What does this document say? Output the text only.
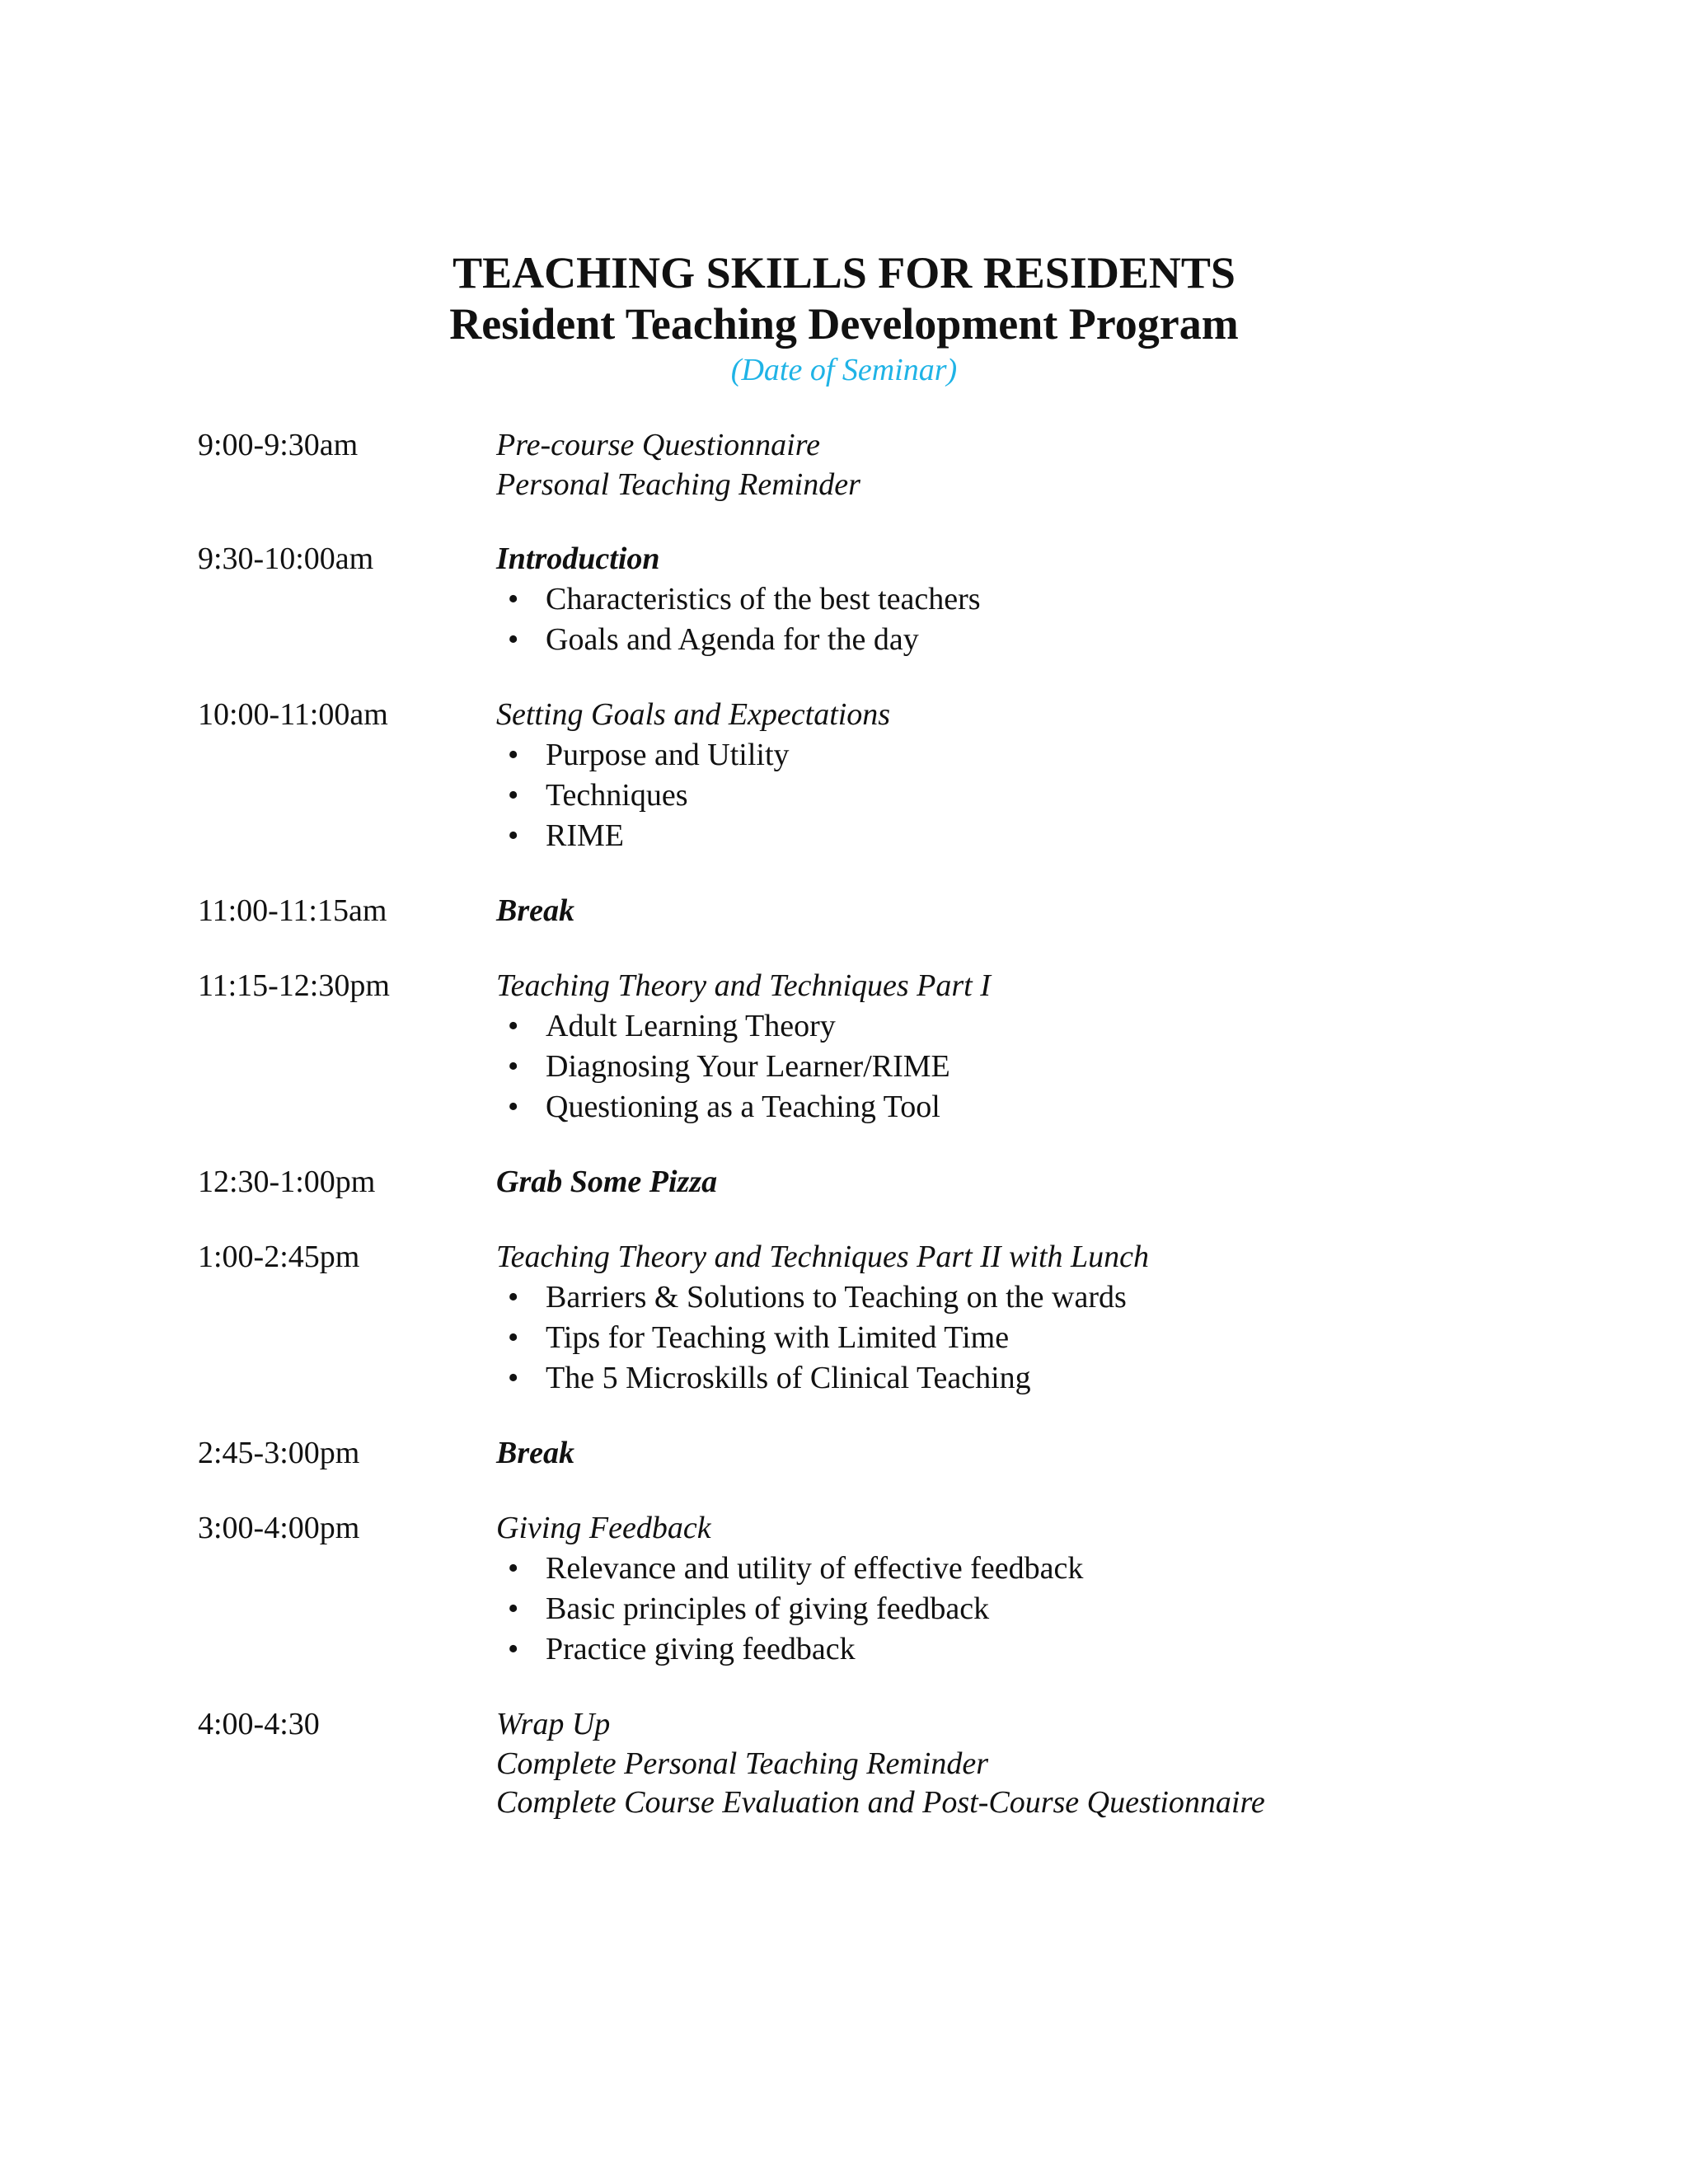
TEACHING SKILLS FOR RESIDENTS
Resident Teaching Development Program
(Date of Seminar)
9:00-9:30am	Pre-course Questionnaire
Personal Teaching Reminder
9:30-10:00am	Introduction
• Characteristics of the best teachers
• Goals and Agenda for the day
10:00-11:00am	Setting Goals and Expectations
• Purpose and Utility
• Techniques
• RIME
11:00-11:15am	Break
11:15-12:30pm	Teaching Theory and Techniques Part I
• Adult Learning Theory
• Diagnosing Your Learner/RIME
• Questioning as a Teaching Tool
12:30-1:00pm	Grab Some Pizza
1:00-2:45pm	Teaching Theory and Techniques Part II with Lunch
• Barriers & Solutions to Teaching on the wards
• Tips for Teaching with Limited Time
• The 5 Microskills of Clinical Teaching
2:45-3:00pm	Break
3:00-4:00pm	Giving Feedback
• Relevance and utility of effective feedback
• Basic principles of giving feedback
• Practice giving feedback
4:00-4:30	Wrap Up
Complete Personal Teaching Reminder
Complete Course Evaluation and Post-Course Questionnaire
